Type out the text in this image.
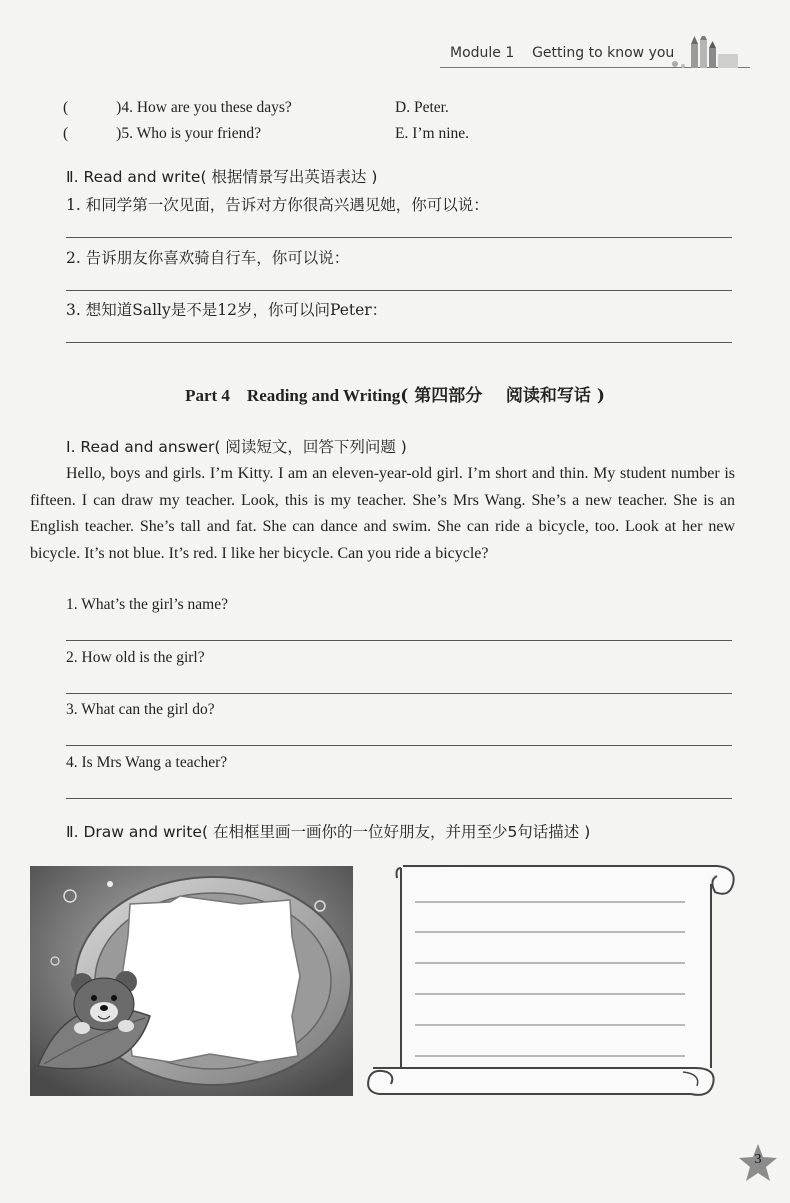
Module 1 Getting to know you
(	)4. How are you these days?	D. Peter.
(	)5. Who is your friend?	E. I’m nine.
Ⅱ. Read and write( 根据情景写出英语表达 )
1. 和同学第一次见面，告诉对方你很高兴遇见她，你可以说：
2. 告诉朋友你喜欢骑自行车，你可以说：
3. 想知道Sally是不是12岁，你可以问Peter：
Part 4    Reading and Writing( 第四部分    阅读和写话 )
Ⅰ. Read and answer( 阅读短文，回答下列问题 )

Hello, boys and girls. I’m Kitty. I am an eleven-year-old girl. I’m short and thin. My student number is fifteen. I can draw my teacher. Look, this is my teacher. She’s Mrs Wang. She’s a new teacher. She is an English teacher. She’s tall and fat. She can dance and swim. She can ride a bicycle, too. Look at her new bicycle. It’s not blue. It’s red. I like her bicycle. Can you ride a bicycle?

1. What’s the girl’s name?
2. How old is the girl?
3. What can the girl do?
4. Is Mrs Wang a teacher?
Ⅱ. Draw and write( 在相框里画一画你的一位好朋友，并用至少5句话描述 )
3
